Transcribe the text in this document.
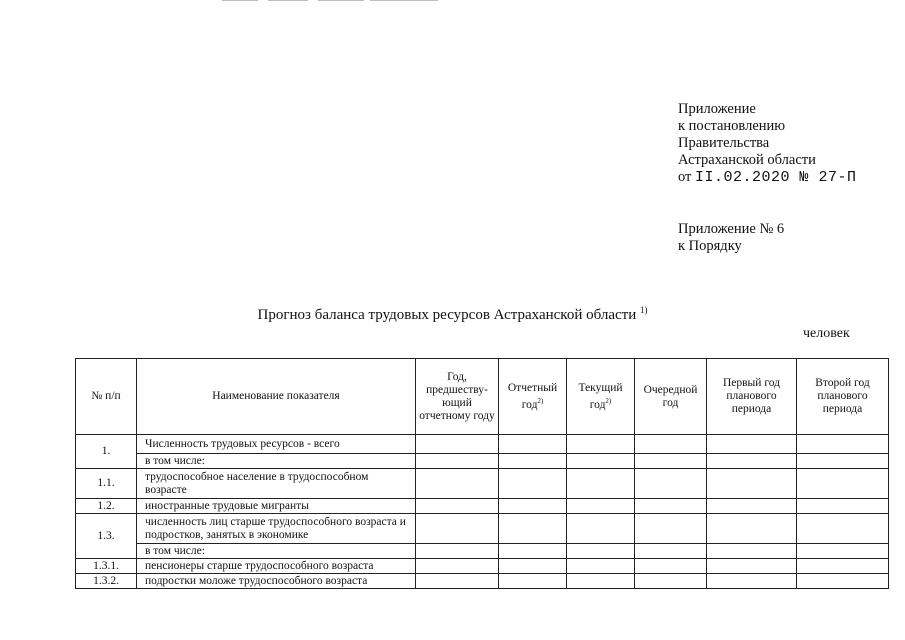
Приложение
к постановлению
Правительства
Астраханской области
от II.02.2020 № 27-П
Приложение № 6
к Порядку
Прогноз баланса трудовых ресурсов Астраханской области $^{1)}$
человек
№ п/п	Наименование показателя	Год, предшеству-ющий отчетному году	Отчетный год$^{2)}$	Текущий год$^{2)}$	Очередной год	Первый год планового периода	Второй год планового периода
1.	Численность трудовых ресурсов - всего						
	в том числе:						
1.1.	трудоспособное население в трудоспособном возрасте						
1.2.	иностранные трудовые мигранты						
1.3.	численность лиц старше трудоспособного возраста и подростков, занятых в экономике						
	в том числе:						
1.3.1.	пенсионеры старше трудоспособного возраста						
1.3.2.	подростки моложе трудоспособного возраста						
